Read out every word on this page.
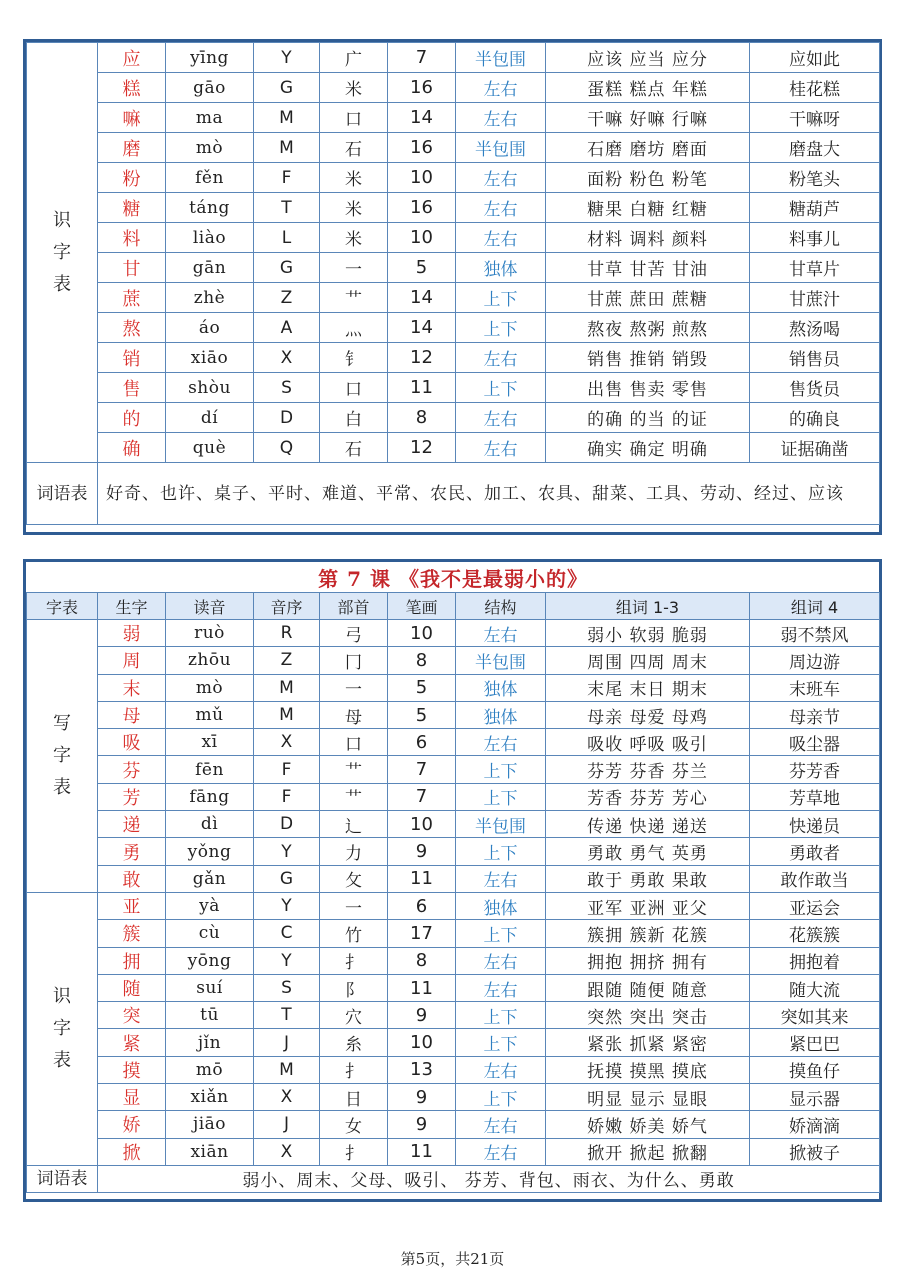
识字表	应	yīng	Y	广	7	半包围	应该 应当 应分	应如此
	糕	gāo	G	米	16	左右	蛋糕 糕点 年糕	桂花糕
	嘛	ma	M	口	14	左右	干嘛 好嘛 行嘛	干嘛呀
	磨	mò	M	石	16	半包围	石磨 磨坊 磨面	磨盘大
	粉	fěn	F	米	10	左右	面粉 粉色 粉笔	粉笔头
	糖	táng	T	米	16	左右	糖果 白糖 红糖	糖葫芦
	料	liào	L	米	10	左右	材料 调料 颜料	料事儿
	甘	gān	G	一	5	独体	甘草 甘苦 甘油	甘草片
	蔗	zhè	Z	艹	14	上下	甘蔗 蔗田 蔗糖	甘蔗汁
	熬	áo	A	灬	14	上下	熬夜 熬粥 煎熬	熬汤喝
	销	xiāo	X	钅	12	左右	销售 推销 销毁	销售员
	售	shòu	S	口	11	上下	出售 售卖 零售	售货员
	的	dí	D	白	8	左右	的确 的当 的证	的确良
	确	què	Q	石	12	左右	确实 确定 明确	证据确凿
词语表	好奇、也许、桌子、平时、难道、平常、农民、加工、农具、甜菜、工具、劳动、经过、应该							
第 7 课 《我不是最弱小的》								
字表	生字	读音	音序	部首	笔画	结构	组词 1-3	组词 4
写字表	弱	ruò	R	弓	10	左右	弱小 软弱 脆弱	弱不禁风
	周	zhōu	Z	冂	8	半包围	周围 四周 周末	周边游
	末	mò	M	一	5	独体	末尾 末日 期末	末班车
	母	mǔ	M	母	5	独体	母亲 母爱 母鸡	母亲节
	吸	xī	X	口	6	左右	吸收 呼吸 吸引	吸尘器
	芬	fēn	F	艹	7	上下	芬芳 芬香 芬兰	芬芳香
	芳	fāng	F	艹	7	上下	芳香 芬芳 芳心	芳草地
	递	dì	D	辶	10	半包围	传递 快递 递送	快递员
	勇	yǒng	Y	力	9	上下	勇敢 勇气 英勇	勇敢者
	敢	gǎn	G	攵	11	左右	敢于 勇敢 果敢	敢作敢当
识字表	亚	yà	Y	一	6	独体	亚军 亚洲 亚父	亚运会
	簇	cù	C	竹	17	上下	簇拥 簇新 花簇	花簇簇
	拥	yōng	Y	扌	8	左右	拥抱 拥挤 拥有	拥抱着
	随	suí	S	阝	11	左右	跟随 随便 随意	随大流
	突	tū	T	穴	9	上下	突然 突出 突击	突如其来
	紧	jǐn	J	糸	10	上下	紧张 抓紧 紧密	紧巴巴
	摸	mō	M	扌	13	左右	抚摸 摸黑 摸底	摸鱼仔
	显	xiǎn	X	日	9	上下	明显 显示 显眼	显示器
	娇	jiāo	J	女	9	左右	娇嫩 娇美 娇气	娇滴滴
	掀	xiān	X	扌	11	左右	掀开 掀起 掀翻	掀被子
词语表	弱小、周末、父母、吸引、 芬芳、背包、雨衣、为什么、勇敢							
第5页，共21页
